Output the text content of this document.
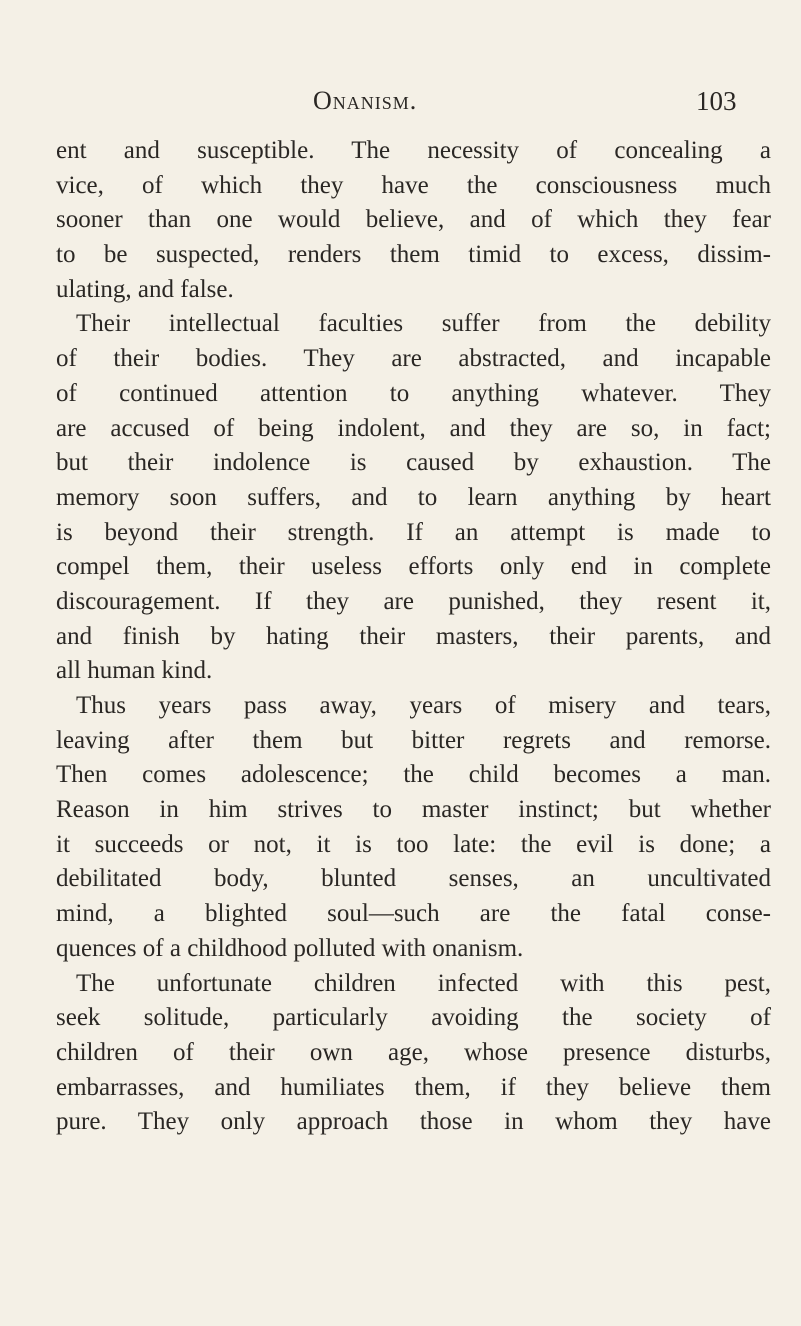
Onanism.	103
ent and susceptible. The necessity of concealing a
vice, of which they have the consciousness much
sooner than one would believe, and of which they fear
to be suspected, renders them timid to excess, dissim-
ulating, and false.
Their intellectual faculties suffer from the debility
of their bodies. They are abstracted, and incapable
of continued attention to anything whatever. They
are accused of being indolent, and they are so, in fact;
but their indolence is caused by exhaustion. The
memory soon suffers, and to learn anything by heart
is beyond their strength. If an attempt is made to
compel them, their useless efforts only end in complete
discouragement. If they are punished, they resent it,
and finish by hating their masters, their parents, and
all human kind.
Thus years pass away, years of misery and tears,
leaving after them but bitter regrets and remorse.
Then comes adolescence; the child becomes a man.
Reason in him strives to master instinct; but whether
it succeeds or not, it is too late: the evil is done; a
debilitated body, blunted senses, an uncultivated
mind, a blighted soul—such are the fatal conse-
quences of a childhood polluted with onanism.
The unfortunate children infected with this pest,
seek solitude, particularly avoiding the society of
children of their own age, whose presence disturbs,
embarrasses, and humiliates them, if they believe them
pure. They only approach those in whom they have
